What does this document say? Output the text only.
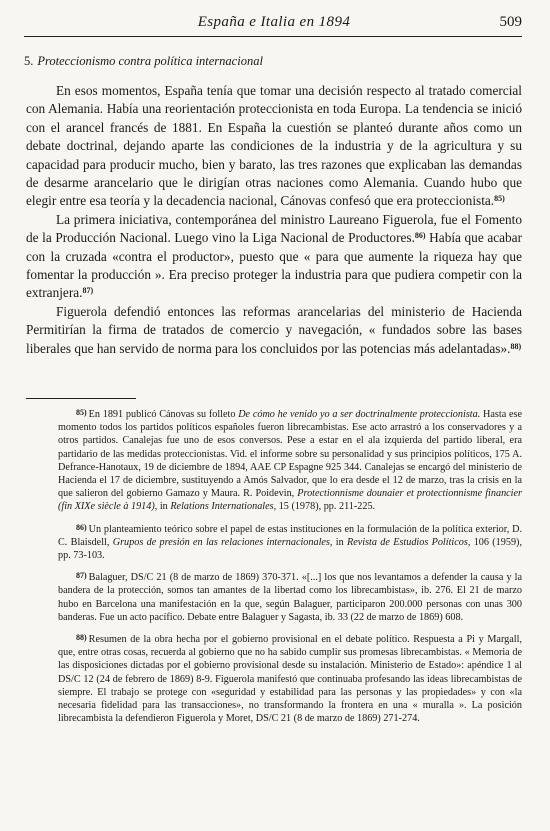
España e Italia en 1894	509
5. Proteccionismo contra política internacional

En esos momentos, España tenía que tomar una decisión respecto al tratado comercial con Alemania. Había una reorientación proteccionista en toda Europa. La tendencia se inició con el arancel francés de 1881. En España la cuestión se planteó durante años como un debate doctrinal, dejando aparte las condiciones de la industria y de la agricultura y su capacidad para producir mucho, bien y barato, las tres razones que explicaban las demandas de desarme arancelario que le dirigían otras naciones como Alemania. Cuando hubo que elegir entre esa teoría y la decadencia nacional, Cánovas confesó que era proteccionista.$^{85)}$

La primera iniciativa, contemporánea del ministro Laureano Figuerola, fue el Fomento de la Producción Nacional. Luego vino la Liga Nacional de Productores.$^{86)}$ Había que acabar con la cruzada «contra el productor», puesto que « para que aumente la riqueza hay que fomentar la producción ». Era preciso proteger la industria para que pudiera competir con la extranjera.$^{87)}$

Figuerola defendió entonces las reformas arancelarias del ministerio de Hacienda Permitirían la firma de tratados de comercio y navegación, « fundados sobre las bases liberales que han servido de norma para los concluidos por las potencias más adelantadas».$^{88)}$

85) En 1891 publicó Cánovas su folleto De cómo he venido yo a ser doctrinalmente proteccionista. Hasta ese momento todos los partidos políticos españoles fueron librecambistas. Ese acto arrastró a los conservadores y a otros partidos. Canalejas fue uno de esos conversos. Pese a estar en el ala izquierda del partido liberal, era partidario de las medidas proteccionistas. Vid. el informe sobre su personalidad y sus principios políticos, 175 A. Defrance-Hanotaux, 19 de diciembre de 1894, AAE CP Espagne 925 344. Canalejas se encargó del ministerio de Hacienda el 17 de diciembre, sustituyendo a Amós Salvador, que lo era desde el 12 de marzo, tras la crisis en la que salieron del gobierno Gamazo y Maura. R. Poidevin, Protectionnisme dounaier et protectionnisme financier (fin XIXe siècle à 1914), in Relations Internationales, 15 (1978), pp. 211-225.

86) Un planteamiento teórico sobre el papel de estas instituciones en la formulación de la política exterior, D. C. Blaisdell, Grupos de presión en las relaciones internacionales, in Revista de Estudios Políticos, 106 (1959), pp. 73-103.

87) Balaguer, DS/C 21 (8 de marzo de 1869) 370-371. «[...] los que nos levantamos a defender la causa y la bandera de la protección, somos tan amantes de la libertad como los librecambistas», ib. 276. El 21 de marzo hubo en Barcelona una manifestación en la que, según Balaguer, participaron 200.000 personas con unas 300 banderas. Fue un acto pacífico. Debate entre Balaguer y Sagasta, ib. 33 (22 de marzo de 1869) 608.

88) Resumen de la obra hecha por el gobierno provisional en el debate político. Respuesta a Pi y Margall, que, entre otras cosas, recuerda al gobierno que no ha sabido cumplir sus promesas librecambistas. « Memoria de las disposiciones dictadas por el gobierno provisional desde su instalación. Ministerio de Estado»: apéndice 1 al DS/C 12 (24 de febrero de 1869) 8-9. Figuerola manifestó que continuaba profesando las ideas librecambistas de siempre. El trabajo se protege con «seguridad y estabilidad para las personas y las propiedades» y con «la necesaria fidelidad para las transacciones», no transformando la frontera en una « muralla ». La posición librecambista la defendieron Figuerola y Moret, DS/C 21 (8 de marzo de 1869) 271-274.
